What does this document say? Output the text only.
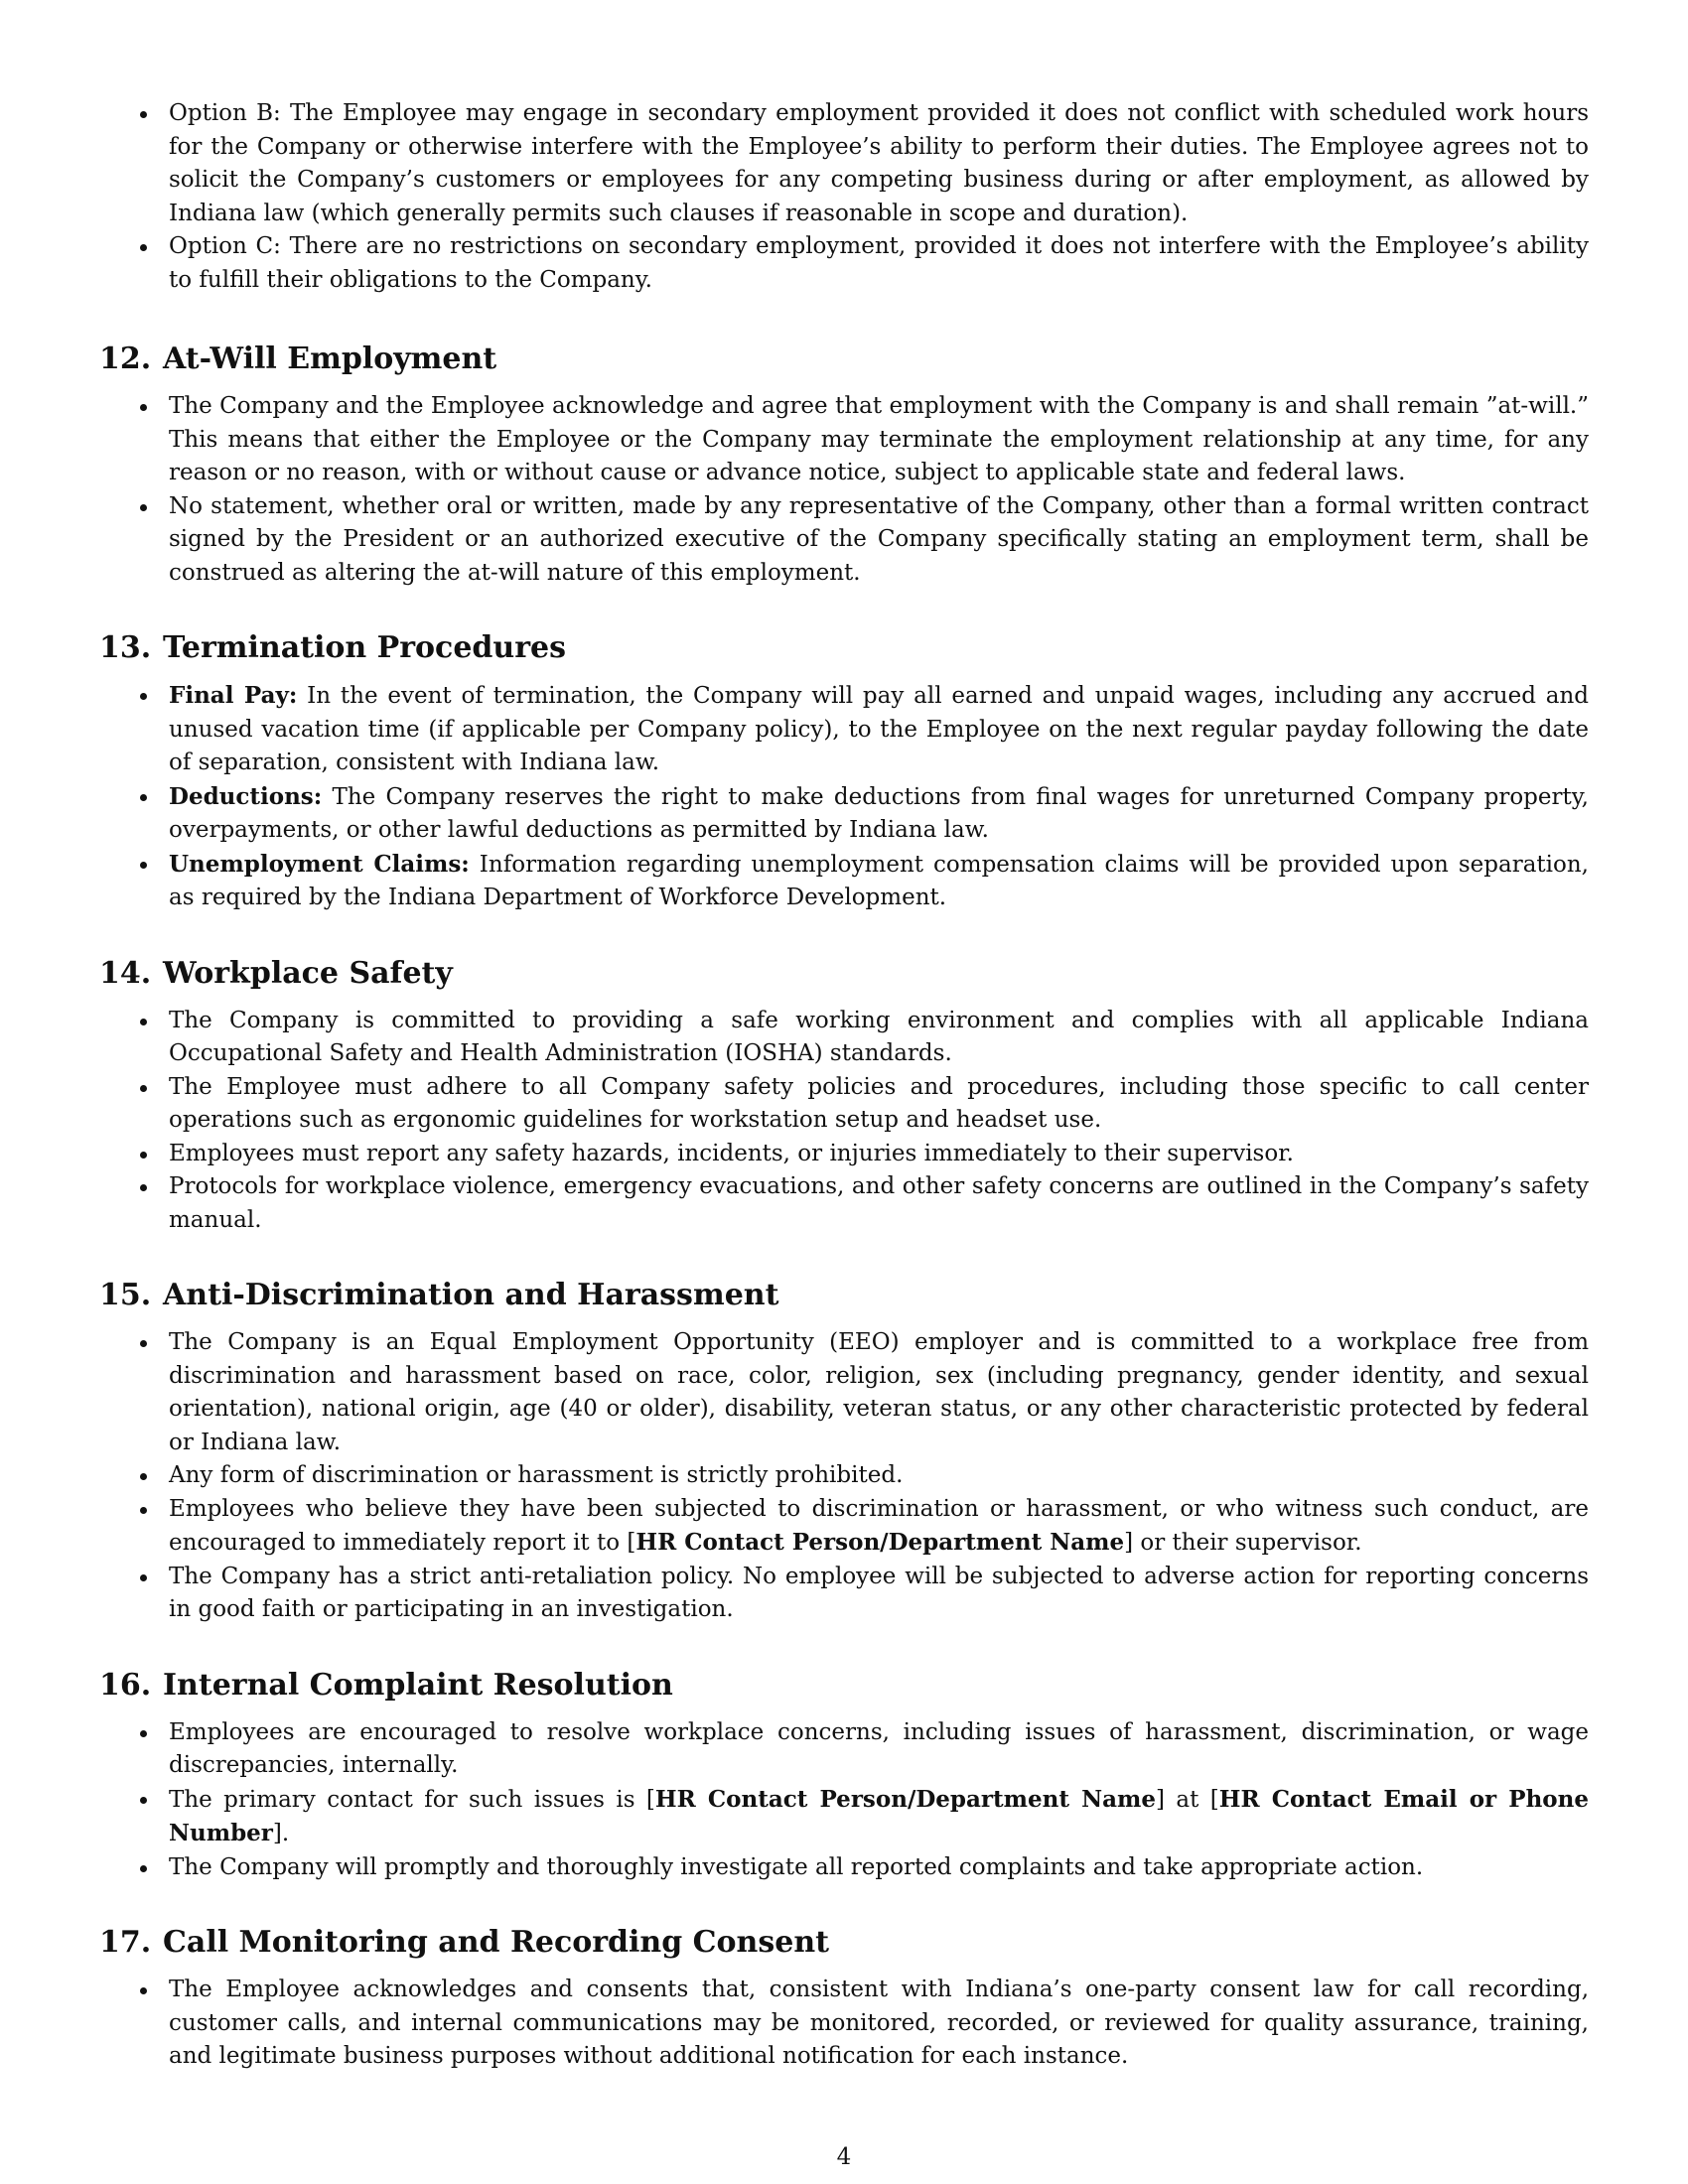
Option B: The Employee may engage in secondary employment provided it does not conflict with scheduled work hours for the Company or otherwise interfere with the Employee’s ability to perform their duties. The Employee agrees not to solicit the Company’s customers or employees for any competing business during or after employment, as allowed by Indiana law (which generally permits such clauses if reasonable in scope and duration).
Option C: There are no restrictions on secondary employment, provided it does not interfere with the Employee’s ability to fulfill their obligations to the Company.
12. At-Will Employment
The Company and the Employee acknowledge and agree that employment with the Company is and shall remain ”at-will.” This means that either the Employee or the Company may terminate the employment relationship at any time, for any reason or no reason, with or without cause or advance notice, subject to applicable state and federal laws.
No statement, whether oral or written, made by any representative of the Company, other than a formal written contract signed by the President or an authorized executive of the Company specifically stating an employment term, shall be construed as altering the at-will nature of this employment.
13. Termination Procedures
Final Pay: In the event of termination, the Company will pay all earned and unpaid wages, including any accrued and unused vacation time (if applicable per Company policy), to the Employee on the next regular payday following the date of separation, consistent with Indiana law.
Deductions: The Company reserves the right to make deductions from final wages for unreturned Company property, overpayments, or other lawful deductions as permitted by Indiana law.
Unemployment Claims: Information regarding unemployment compensation claims will be provided upon separation, as required by the Indiana Department of Workforce Development.
14. Workplace Safety
The Company is committed to providing a safe working environment and complies with all applicable Indiana Occupational Safety and Health Administration (IOSHA) standards.
The Employee must adhere to all Company safety policies and procedures, including those specific to call center operations such as ergonomic guidelines for workstation setup and headset use.
Employees must report any safety hazards, incidents, or injuries immediately to their supervisor.
Protocols for workplace violence, emergency evacuations, and other safety concerns are outlined in the Company’s safety manual.
15. Anti-Discrimination and Harassment
The Company is an Equal Employment Opportunity (EEO) employer and is committed to a workplace free from discrimination and harassment based on race, color, religion, sex (including pregnancy, gender identity, and sexual orientation), national origin, age (40 or older), disability, veteran status, or any other characteristic protected by federal or Indiana law.
Any form of discrimination or harassment is strictly prohibited.
Employees who believe they have been subjected to discrimination or harassment, or who witness such conduct, are encouraged to immediately report it to [HR Contact Person/Department Name] or their supervisor.
The Company has a strict anti-retaliation policy. No employee will be subjected to adverse action for reporting concerns in good faith or participating in an investigation.
16. Internal Complaint Resolution
Employees are encouraged to resolve workplace concerns, including issues of harassment, discrimination, or wage discrepancies, internally.
The primary contact for such issues is [HR Contact Person/Department Name] at [HR Contact Email or Phone Number].
The Company will promptly and thoroughly investigate all reported complaints and take appropriate action.
17. Call Monitoring and Recording Consent
The Employee acknowledges and consents that, consistent with Indiana’s one-party consent law for call recording, customer calls, and internal communications may be monitored, recorded, or reviewed for quality assurance, training, and legitimate business purposes without additional notification for each instance.
4
